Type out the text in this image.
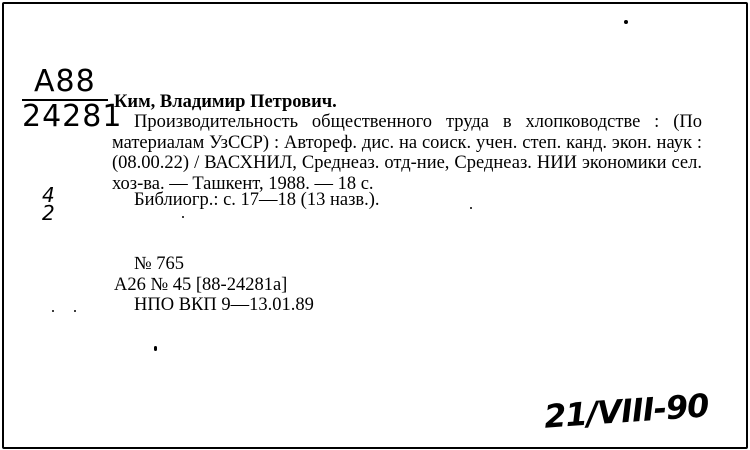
A88
24281
4
2
Ким, Владимир Петрович.
Производительность общественного труда в хлопководстве : (По материалам УзССР) : Автореф. дис. на соиск. учен. степ. канд. экон. наук : (08.00.22) / ВАСХНИЛ, Среднеаз. отд-ние, Среднеаз. НИИ экономики сел. хоз-ва. — Ташкент, 1988. — 18 с.
Библиогр.: с. 17—18 (13 назв.).
№ 765
А26 № 45 [88-24281а]
НПО ВКП 9—13.01.89
21/VIII-90
